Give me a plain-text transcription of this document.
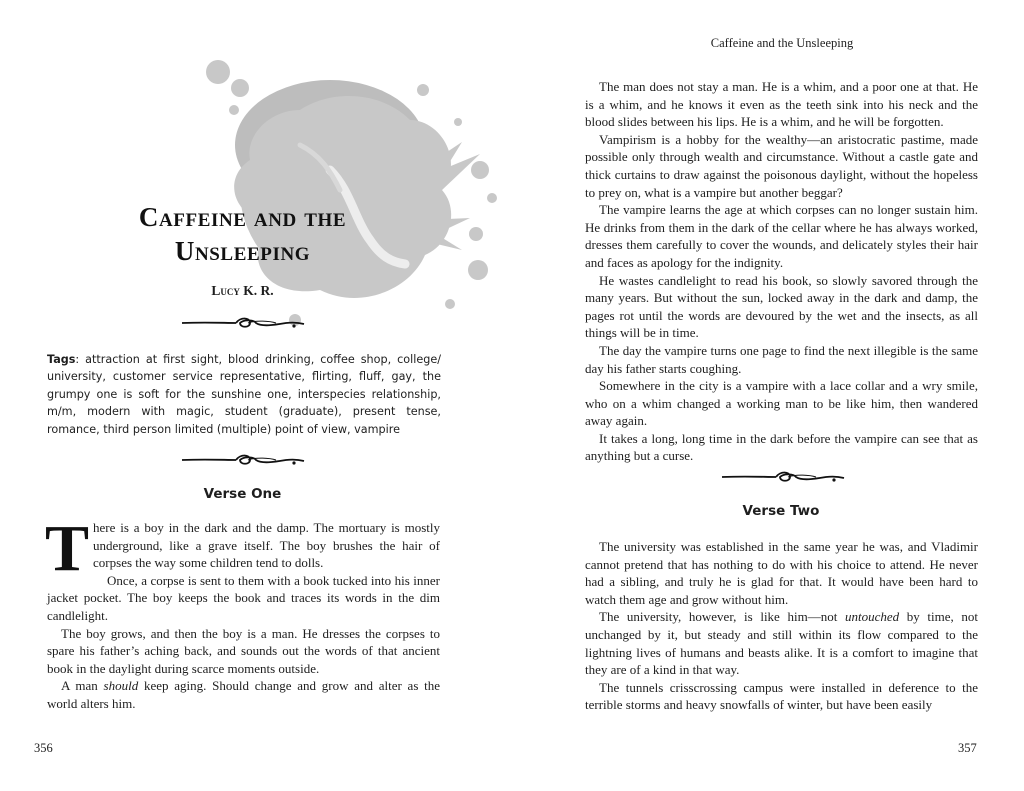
Caffeine and the
Unsleeping
Lucy K. R.
Tags: attraction at first sight, blood drinking, coffee shop, college/ university, customer service representative, flirting, fluff, gay, the grumpy one is soft for the sunshine one, interspecies relationship, m/m, modern with magic, student (graduate), present tense, romance, third person limited (multiple) point of view, vampire
Verse One

There is a boy in the dark and the damp. The mortuary is mostly underground, like a grave itself. The boy brushes the hair of corpses the way some children tend to dolls.

Once, a corpse is sent to them with a book tucked into his inner jacket pocket. The boy keeps the book and traces its words in the dim candlelight.

The boy grows, and then the boy is a man. He dresses the corpses to spare his father’s aching back, and sounds out the words of that ancient book in the daylight during scarce moments outside.

A man should keep aging. Should change and grow and alter as the world alters him.

356
Caffeine and the Unsleeping

The man does not stay a man. He is a whim, and a poor one at that. He is a whim, and he knows it even as the teeth sink into his neck and the blood slides between his lips. He is a whim, and he will be forgotten.

Vampirism is a hobby for the wealthy—an aristocratic pastime, made possible only through wealth and circumstance. Without a castle gate and thick curtains to draw against the poisonous daylight, without the hopeless to prey on, what is a vampire but another beggar?

The vampire learns the age at which corpses can no longer sustain him. He drinks from them in the dark of the cellar where he has always worked, dresses them carefully to cover the wounds, and delicately styles their hair and faces as apology for the indignity.

He wastes candlelight to read his book, so slowly savored through the many years. But without the sun, locked away in the dark and damp, the pages rot until the words are devoured by the wet and the insects, as all things will be in time.

The day the vampire turns one page to find the next illegible is the same day his father starts coughing.

Somewhere in the city is a vampire with a lace collar and a wry smile, who on a whim changed a working man to be like him, then wandered away again.

It takes a long, long time in the dark before the vampire can see that as anything but a curse.

Verse Two

The university was established in the same year he was, and Vladimir cannot pretend that has nothing to do with his choice to attend. He never had a sibling, and truly he is glad for that. It would have been hard to watch them age and grow without him.

The university, however, is like him—not untouched by time, not unchanged by it, but steady and still within its flow compared to the lightning lives of humans and beasts alike. It is a comfort to imagine that they are of a kind in that way.

The tunnels crisscrossing campus were installed in deference to the terrible storms and heavy snowfalls of winter, but have been easily

357
